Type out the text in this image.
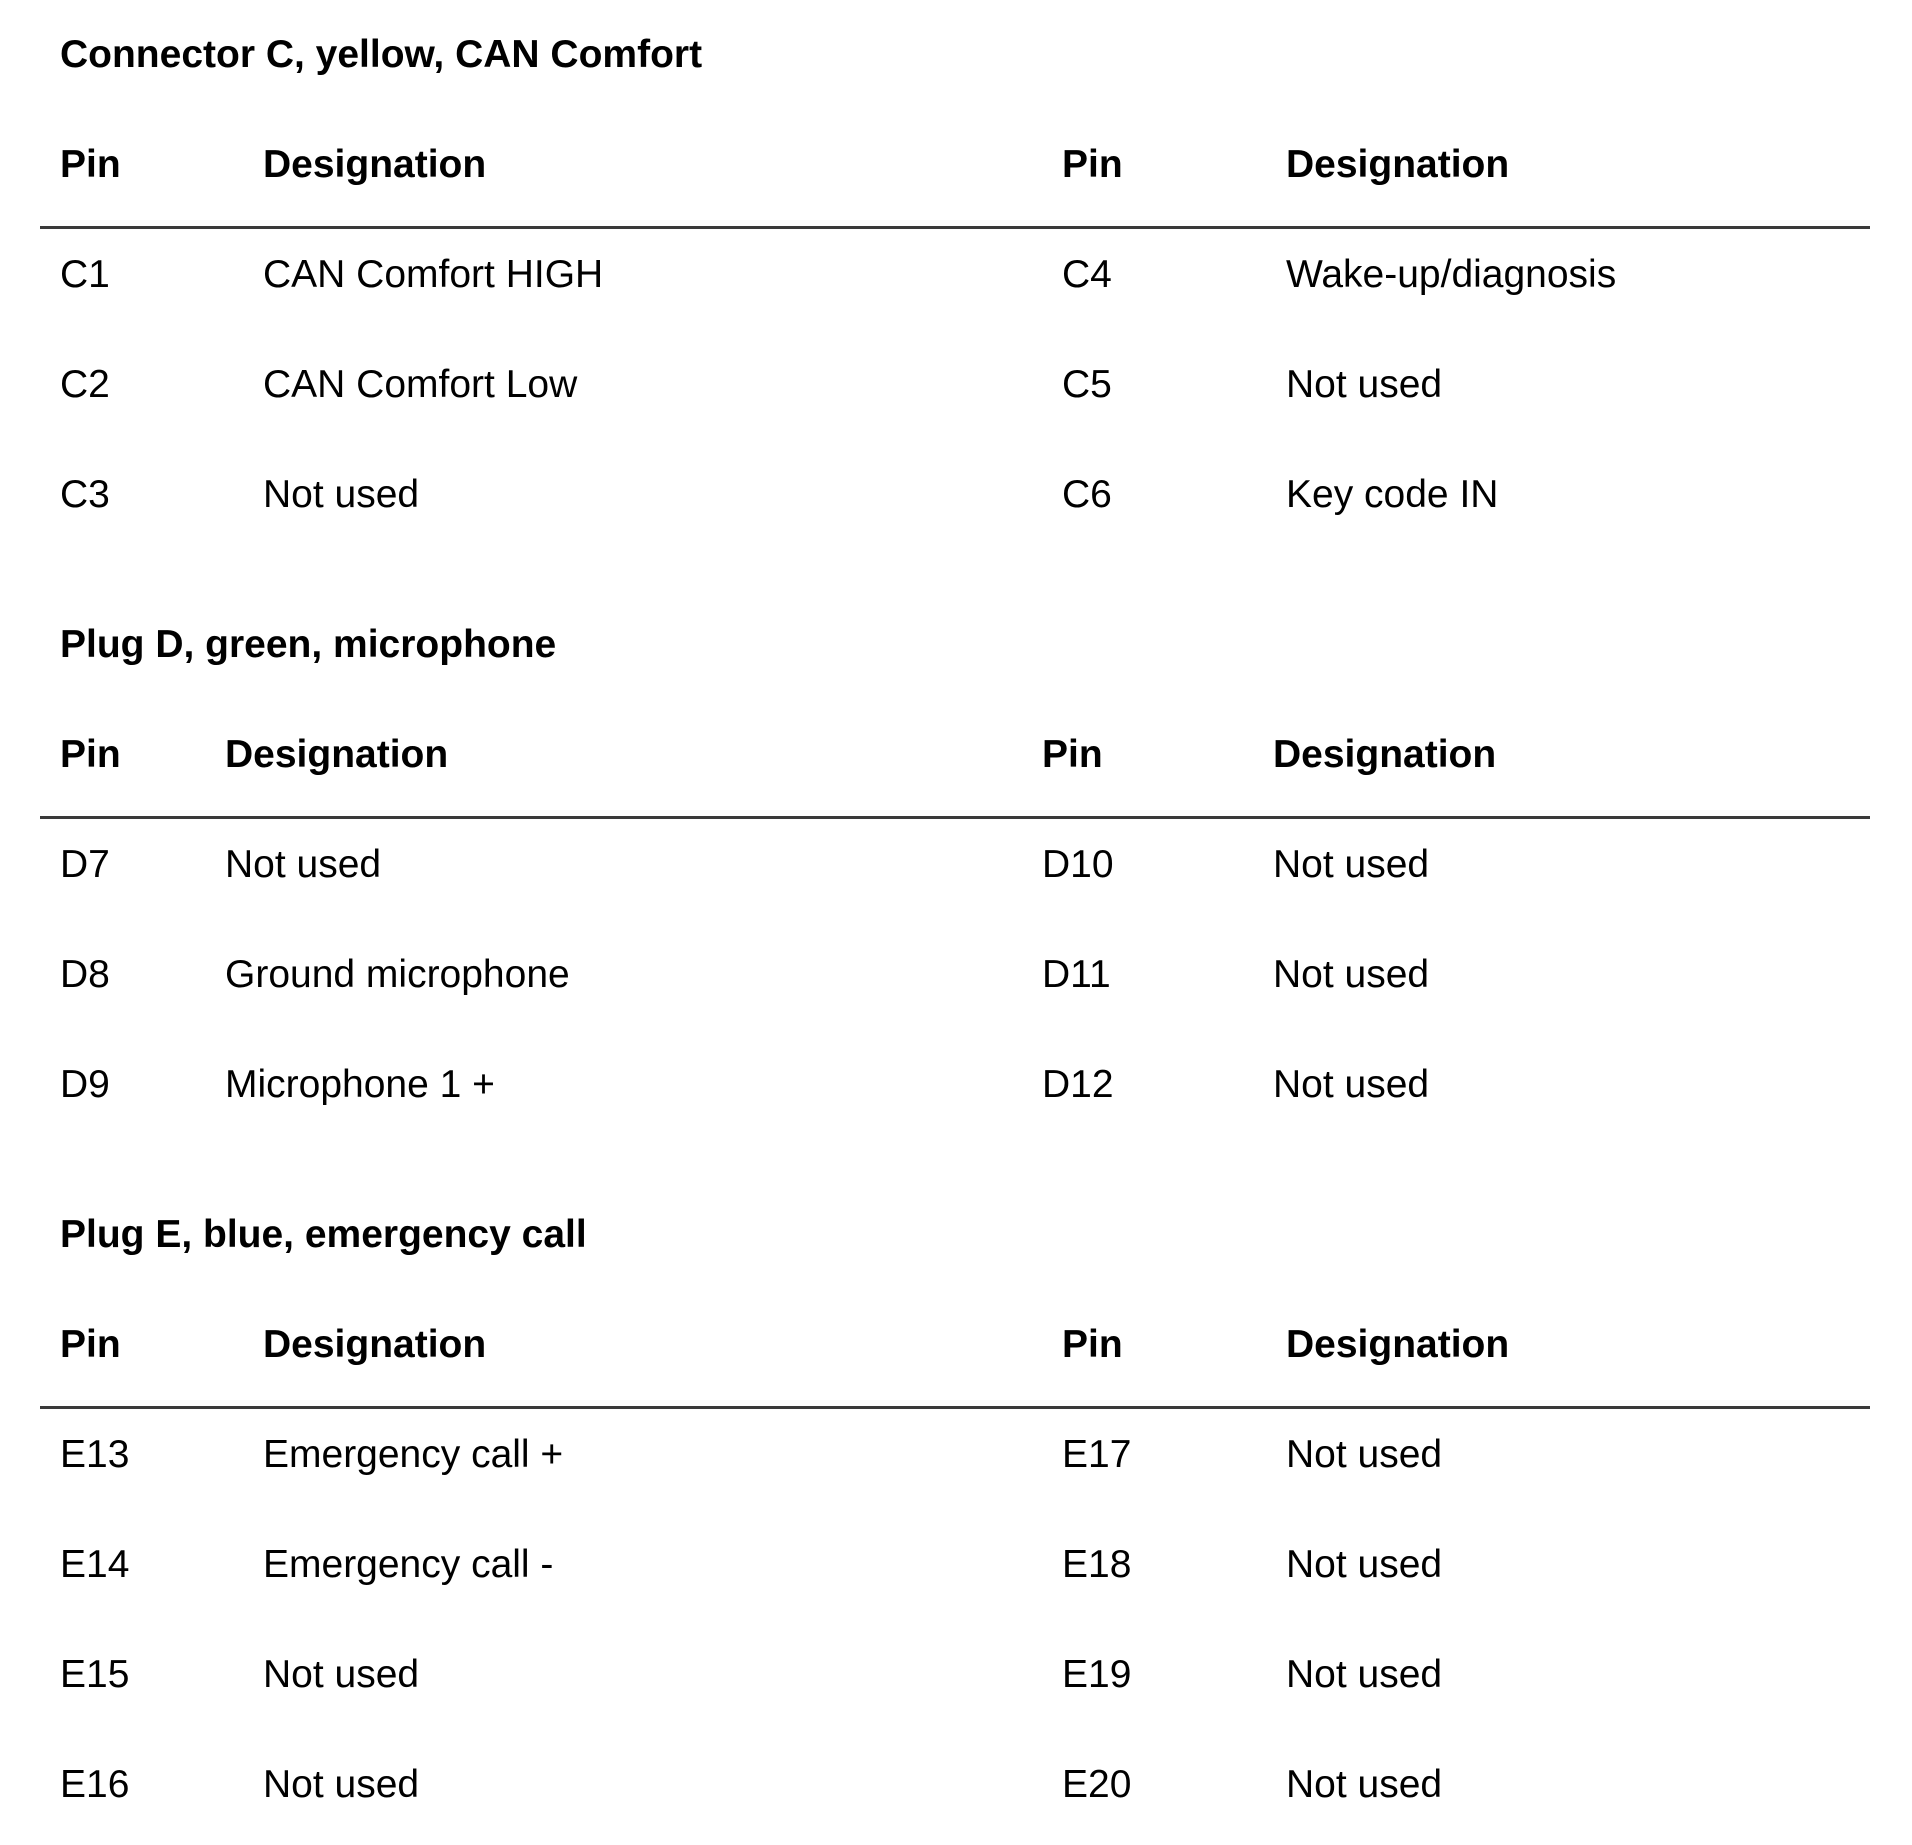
Connector C, yellow, CAN Comfort
Pin	Designation	Pin	Designation
C1	CAN Comfort HIGH	C4	Wake-up/diagnosis
C2	CAN Comfort Low	C5	Not used
C3	Not used	C6	Key code IN
Plug D, green, microphone
Pin	Designation	Pin	Designation
D7	Not used	D10	Not used
D8	Ground microphone	D11	Not used
D9	Microphone 1 +	D12	Not used
Plug E, blue, emergency call
Pin	Designation	Pin	Designation
E13	Emergency call +	E17	Not used
E14	Emergency call -	E18	Not used
E15	Not used	E19	Not used
E16	Not used	E20	Not used
